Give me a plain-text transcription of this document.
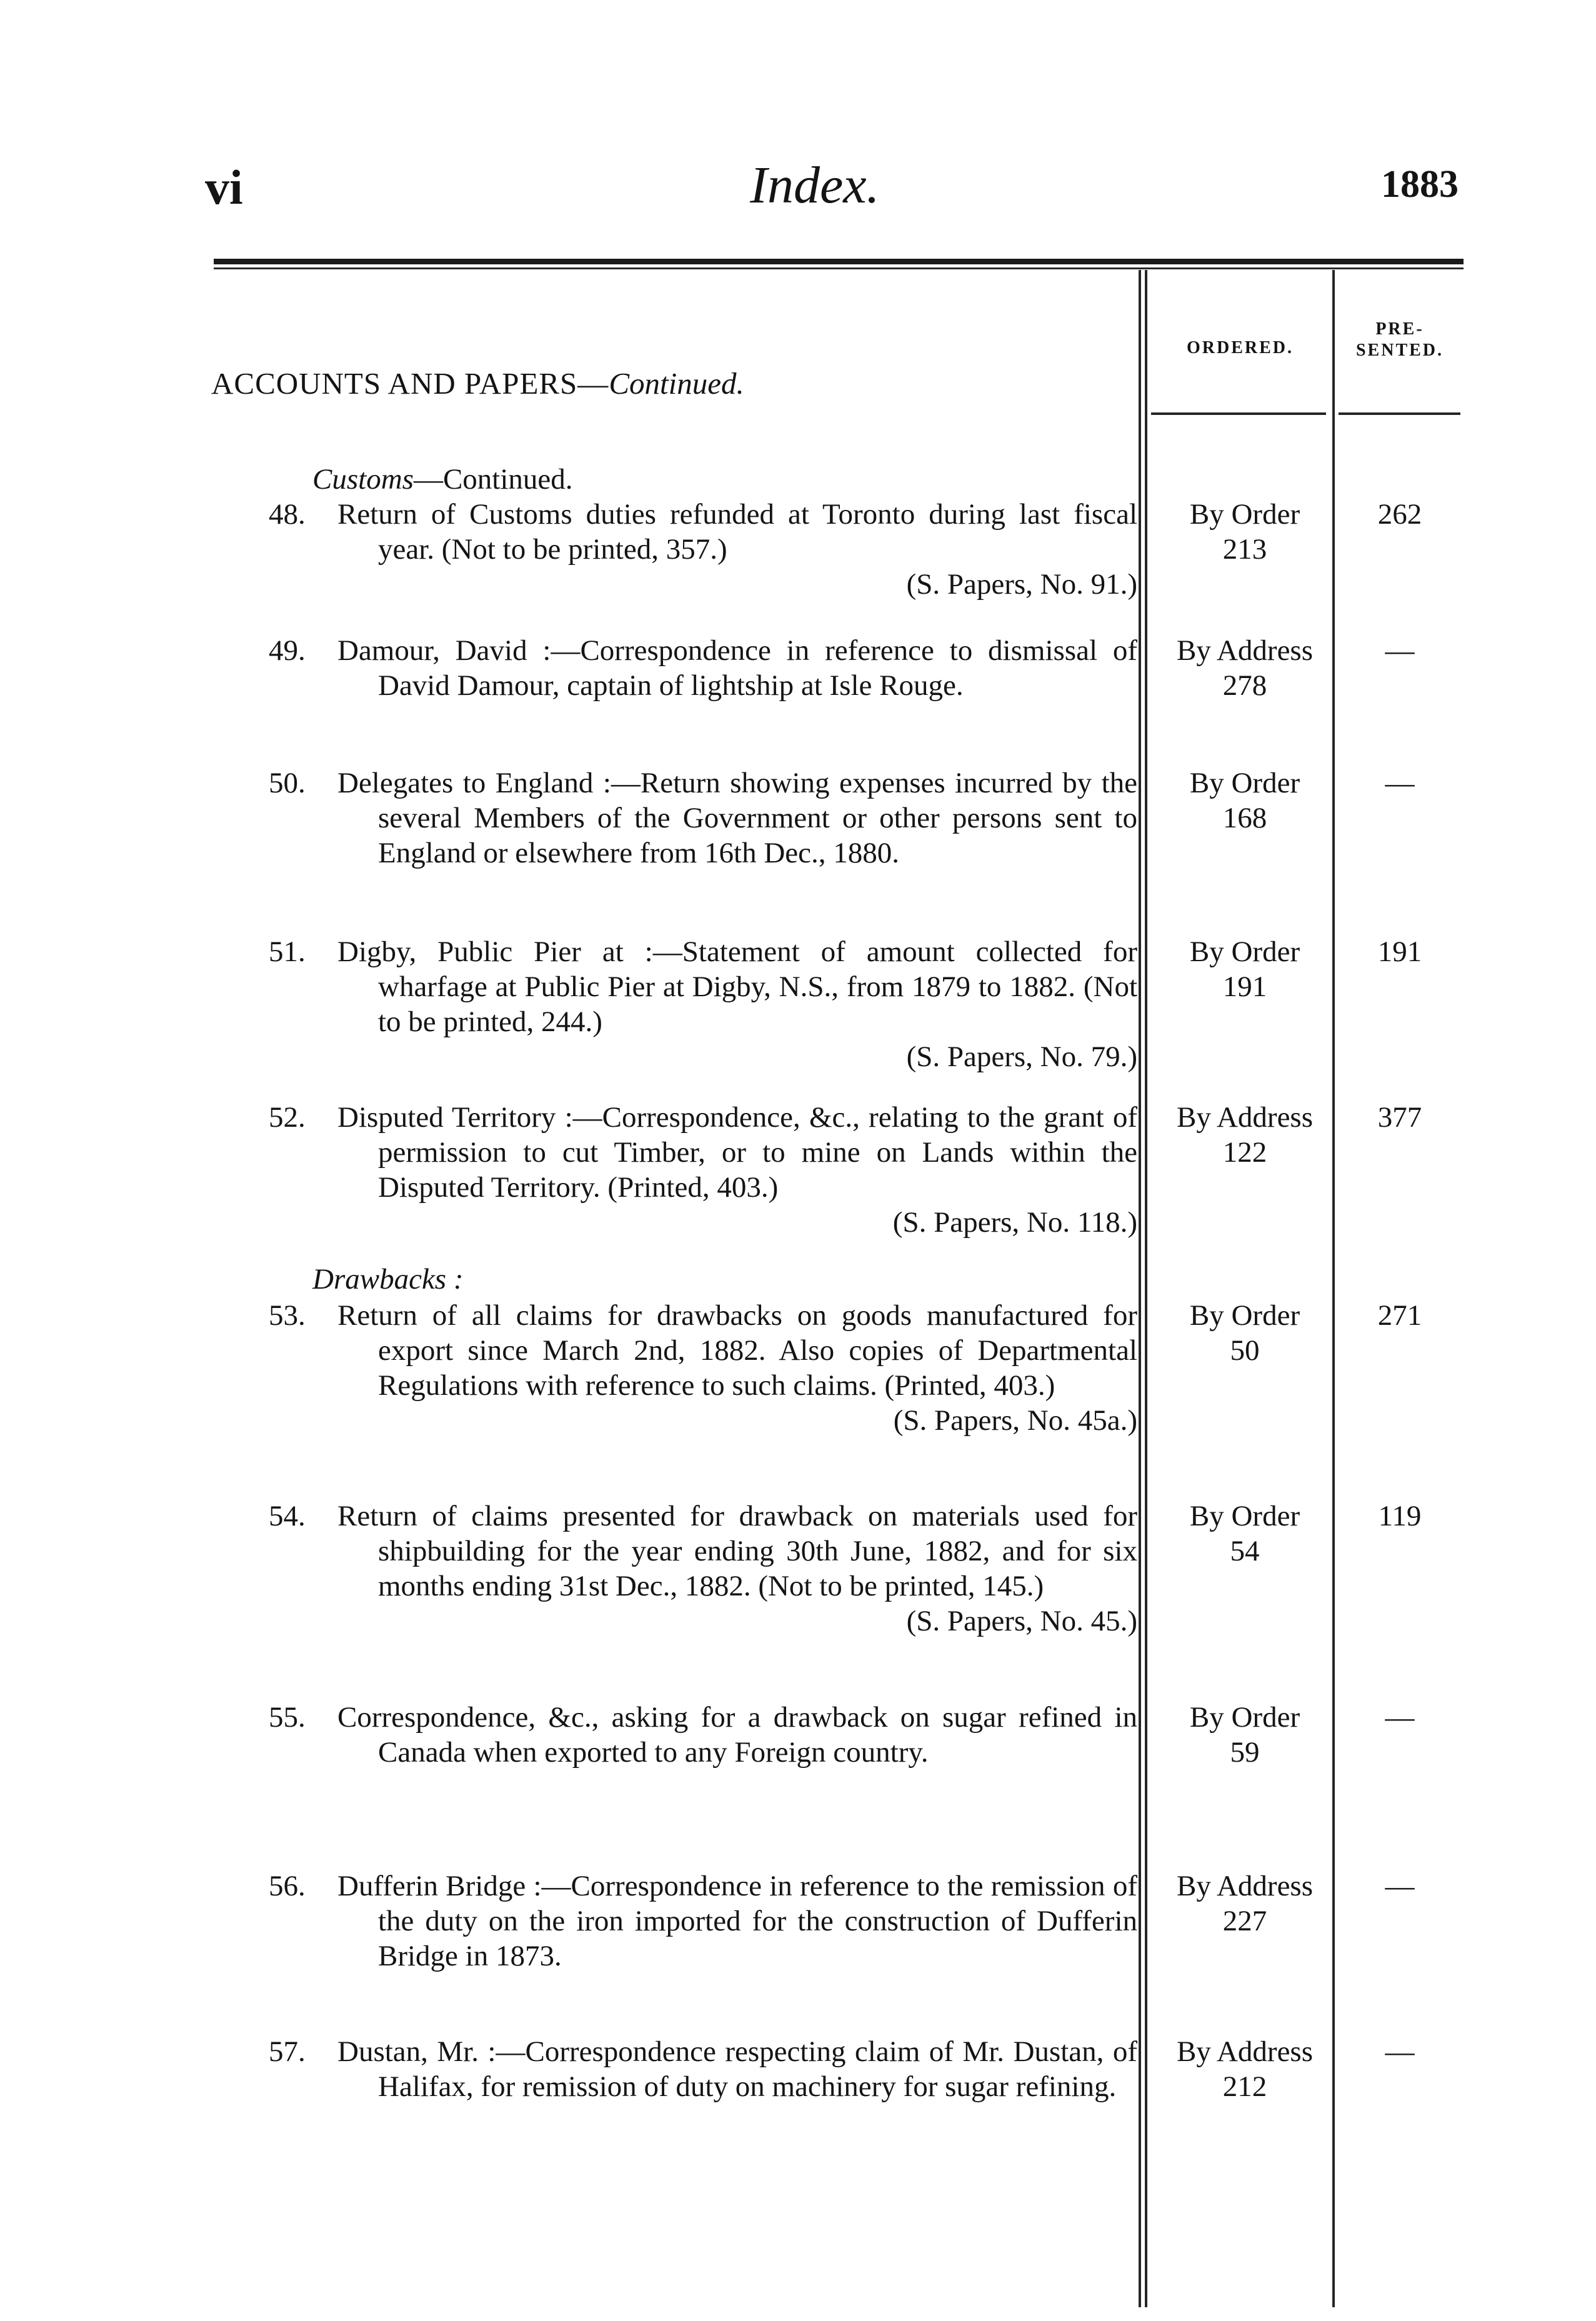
vi	Index.	1883
ORDERED.
PRE-
SENTED.
ACCOUNTS AND PAPERS—Continued.
Customs—Continued.
Drawbacks :
48. Return of Customs duties refunded at Toronto during last fiscal year. (Not to be printed, 357.)
(S. Papers, No. 91.)
By Order
213
262
49. Damour, David :—Correspondence in reference to dismissal of David Damour, captain of lightship at Isle Rouge.
By Address
278
—
50. Delegates to England :—Return showing expenses incurred by the several Members of the Government or other persons sent to England or elsewhere from 16th Dec., 1880.
By Order
168
—
51. Digby, Public Pier at :—Statement of amount collected for wharfage at Public Pier at Digby, N.S., from 1879 to 1882. (Not to be printed, 244.)
(S. Papers, No. 79.)
By Order
191
191
52. Disputed Territory :—Correspondence, &c., relating to the grant of permission to cut Timber, or to mine on Lands within the Disputed Territory. (Printed, 403.)
(S. Papers, No. 118.)
By Address
122
377
53. Return of all claims for drawbacks on goods manufactured for export since March 2nd, 1882. Also copies of Departmental Regulations with reference to such claims. (Printed, 403.)
(S. Papers, No. 45a.)
By Order
50
271
54. Return of claims presented for drawback on materials used for shipbuilding for the year ending 30th June, 1882, and for six months ending 31st Dec., 1882. (Not to be printed, 145.)
(S. Papers, No. 45.)
By Order
54
119
55. Correspondence, &c., asking for a drawback on sugar refined in Canada when exported to any Foreign country.
By Order
59
—
56. Dufferin Bridge :—Correspondence in reference to the remission of the duty on the iron imported for the construction of Dufferin Bridge in 1873.
By Address
227
—
57. Dustan, Mr. :—Correspondence respecting claim of Mr. Dustan, of Halifax, for remission of duty on machinery for sugar refining.
By Address
212
—
